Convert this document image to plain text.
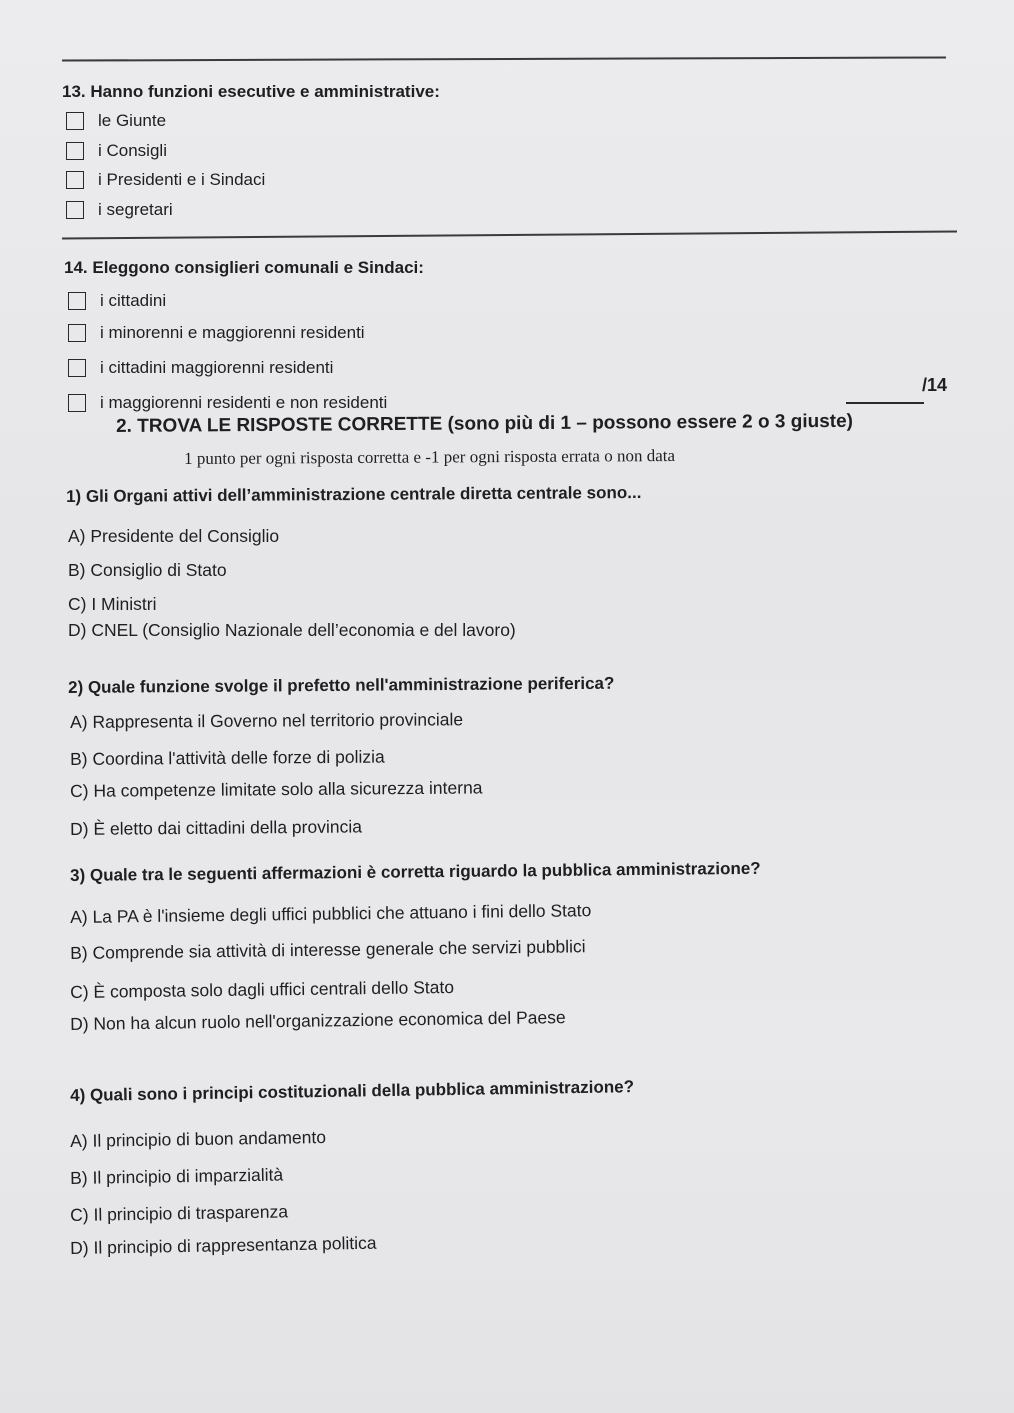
13. Hanno funzioni esecutive e amministrative:
le Giunte
i Consigli
i Presidenti e i Sindaci
i segretari
14. Eleggono consiglieri comunali e Sindaci:
i cittadini
i minorenni e maggiorenni residenti
i cittadini maggiorenni residenti
i maggiorenni residenti e non residenti
/14
2. TROVA LE RISPOSTE CORRETTE (sono più di 1 – possono essere 2 o 3 giuste)
1 punto per ogni risposta corretta e -1 per ogni risposta errata o non data
1) Gli Organi attivi dell’amministrazione centrale diretta centrale sono...
A) Presidente del Consiglio
B) Consiglio di Stato
C) I Ministri
D) CNEL (Consiglio Nazionale dell’economia e del lavoro)
2) Quale funzione svolge il prefetto nell'amministrazione periferica?
A) Rappresenta il Governo nel territorio provinciale
B) Coordina l'attività delle forze di polizia
C) Ha competenze limitate solo alla sicurezza interna
D) È eletto dai cittadini della provincia
3) Quale tra le seguenti affermazioni è corretta riguardo la pubblica amministrazione?
A) La PA è l'insieme degli uffici pubblici che attuano i fini dello Stato
B) Comprende sia attività di interesse generale che servizi pubblici
C) È composta solo dagli uffici centrali dello Stato
D) Non ha alcun ruolo nell'organizzazione economica del Paese
4) Quali sono i principi costituzionali della pubblica amministrazione?
A) Il principio di buon andamento
B) Il principio di imparzialità
C) Il principio di trasparenza
D) Il principio di rappresentanza politica
